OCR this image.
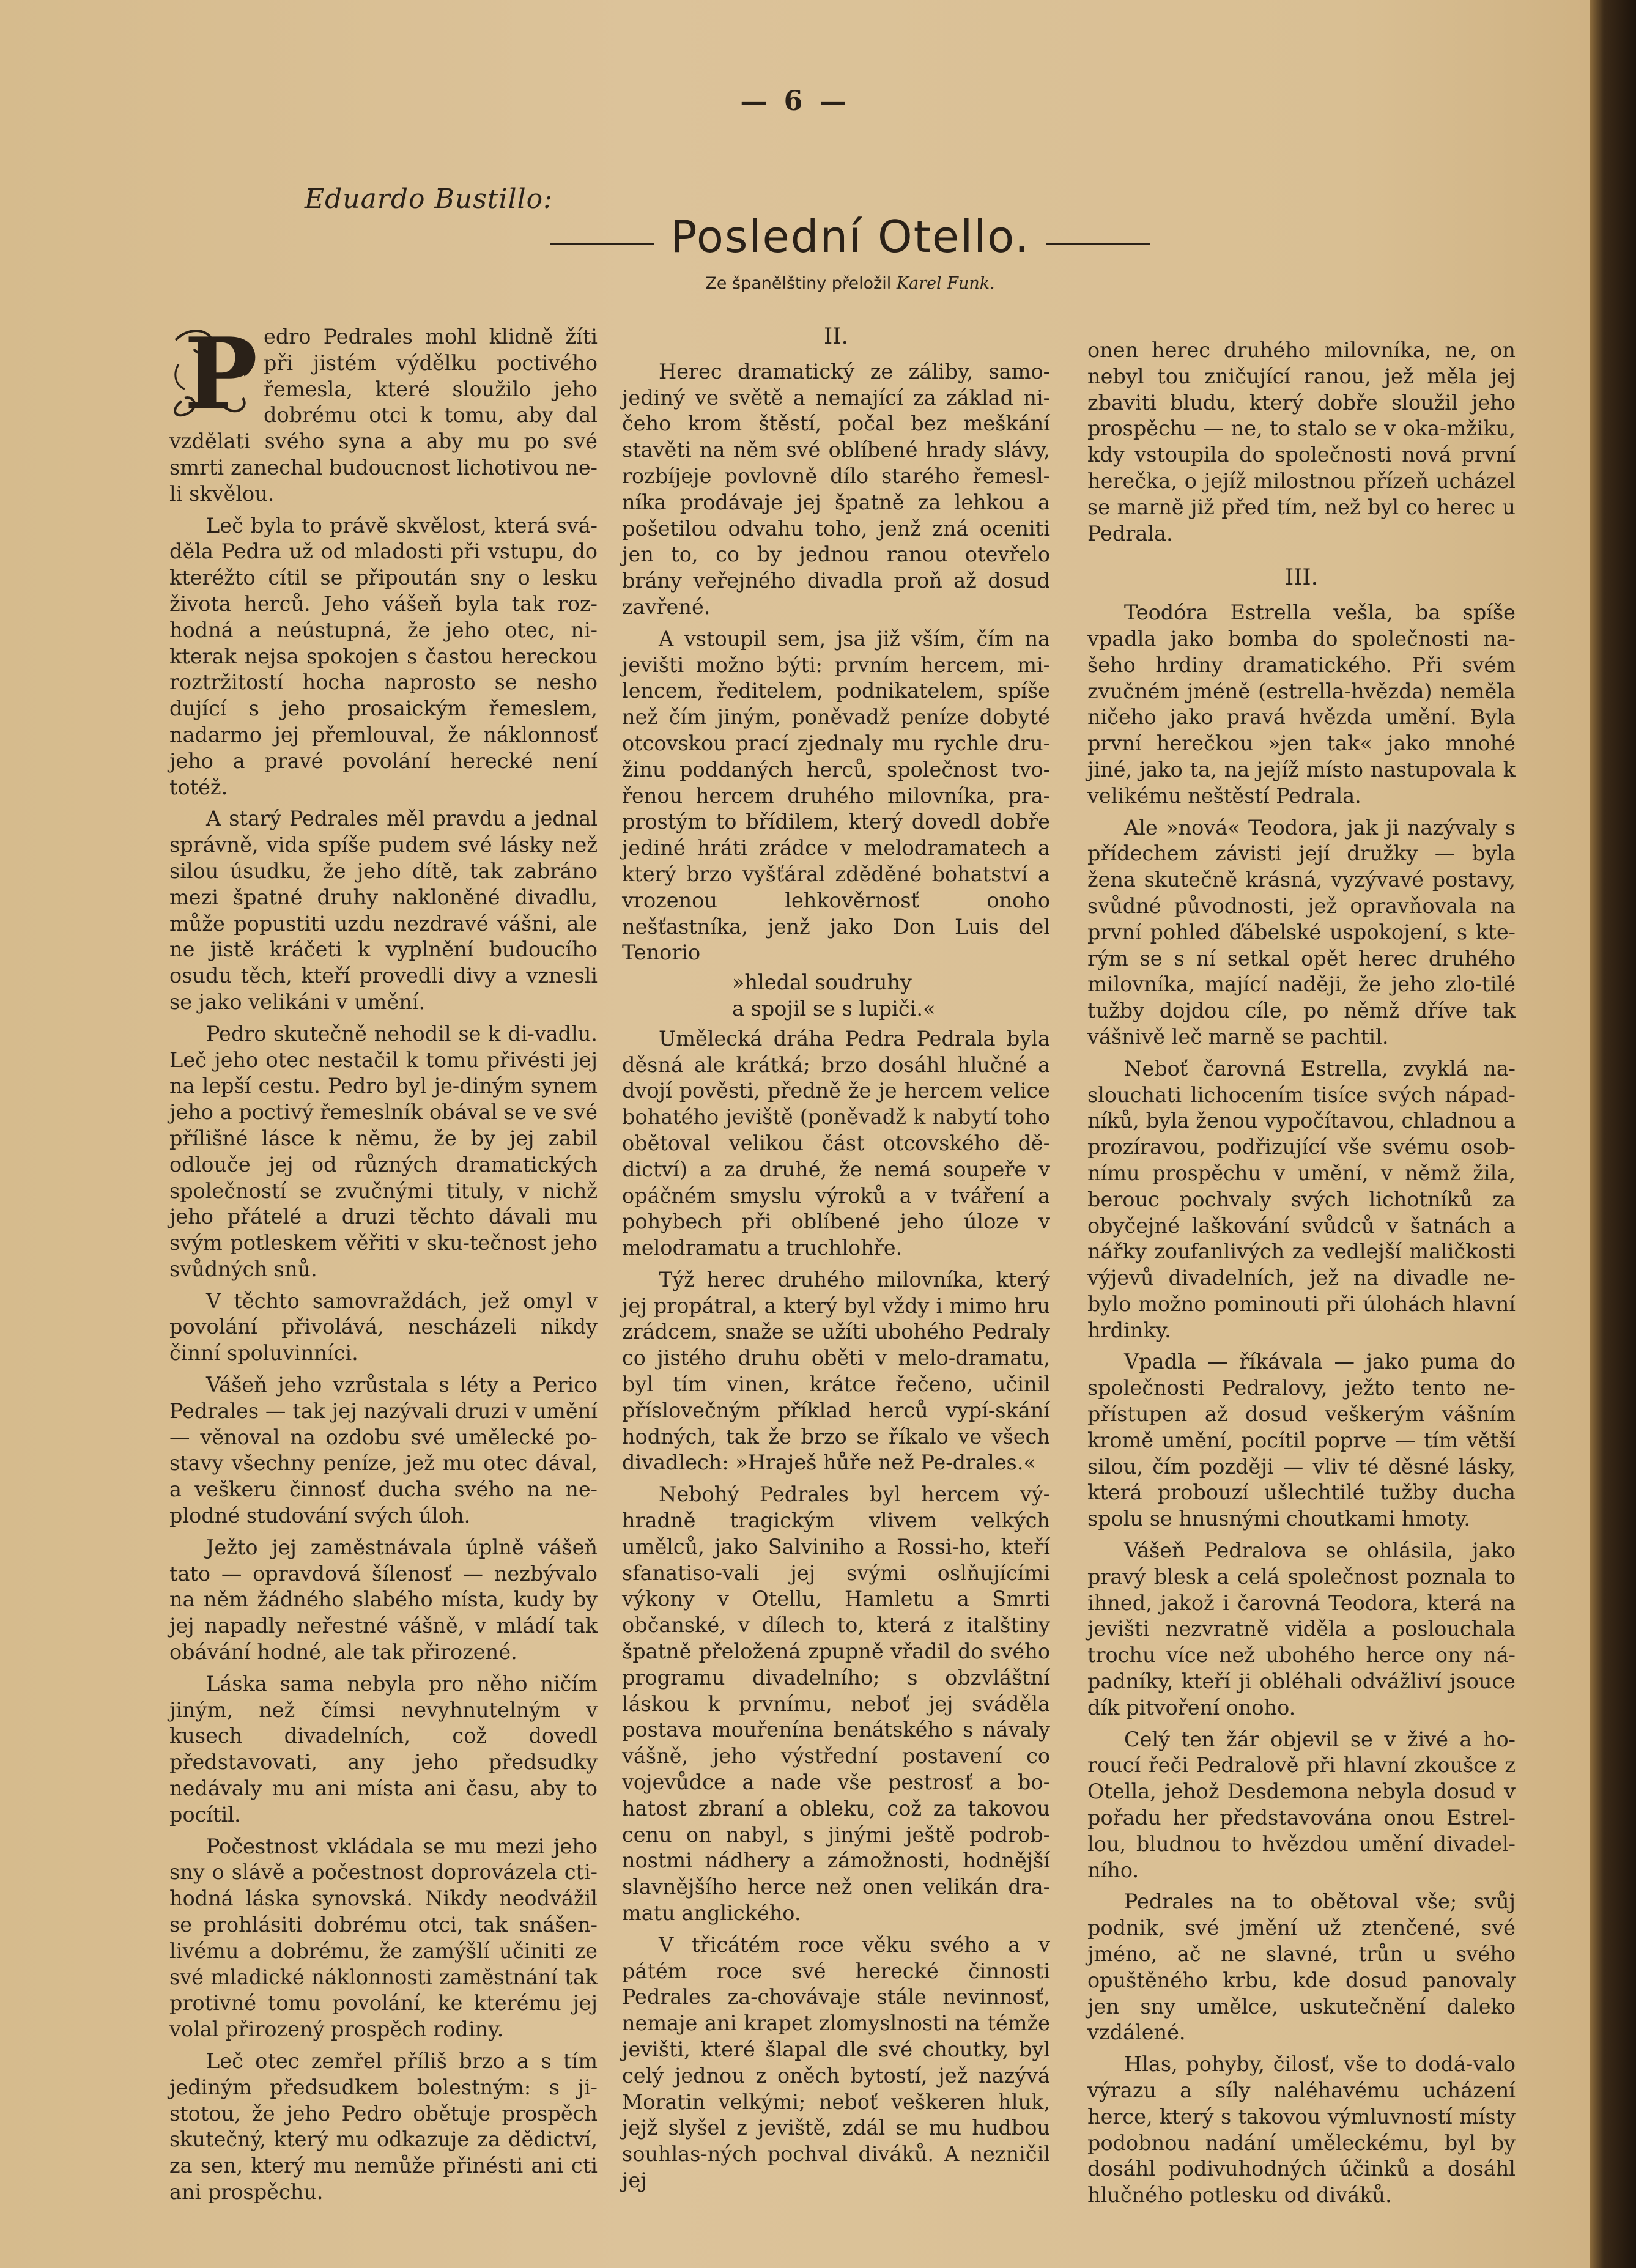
— 6 —
Eduardo Bustillo:
Poslední Otello.
Ze španělštiny přeložil Karel Funk.
P edro Pedrales mohl klidně žíti při jistém výdělku poctivého řemesla, které sloužilo jeho dobrému otci k tomu, aby dal vzdělati svého syna a aby mu po své smrti zanechal budoucnost lichotivou ne-li skvělou.

Leč byla to právě skvělost, která svá-děla Pedra už od mladosti při vstupu, do kteréžto cítil se připoután sny o lesku života herců. Jeho vášeň byla tak roz-hodná a neústupná, že jeho otec, ni-kterak nejsa spokojen s častou hereckou roztržitostí hocha naprosto se nesho dující s jeho prosaickým řemeslem, nadarmo jej přemlouval, že náklonnosť jeho a pravé povolání herecké není totéž.

A starý Pedrales měl pravdu a jednal správně, vida spíše pudem své lásky než silou úsudku, že jeho dítě, tak zabráno mezi špatné druhy nakloněné divadlu, může popustiti uzdu nezdravé vášni, ale ne jistě kráčeti k vyplnění budoucího osudu těch, kteří provedli divy a vznesli se jako velikáni v umění.

Pedro skutečně nehodil se k di-vadlu. Leč jeho otec nestačil k tomu přivésti jej na lepší cestu. Pedro byl je-diným synem jeho a poctivý řemeslník obával se ve své přílišné lásce k němu, že by jej zabil odlouče jej od různých dramatických společností se zvučnými tituly, v nichž jeho přátelé a druzi těchto dávali mu svým potleskem věřiti v sku-tečnost jeho svůdných snů.

V těchto samovraždách, jež omyl v povolání přivolává, nescházeli nikdy činní spoluvinníci.

Vášeň jeho vzrůstala s léty a Perico Pedrales — tak jej nazývali druzi v umění — věnoval na ozdobu své umělecké po-stavy všechny peníze, jež mu otec dával, a veškeru činnosť ducha svého na ne-plodné studování svých úloh.

Ježto jej zaměstnávala úplně vášeň tato — opravdová šílenosť — nezbývalo na něm žádného slabého místa, kudy by jej napadly neřestné vášně, v mládí tak obávání hodné, ale tak přirozené.

Láska sama nebyla pro něho ničím jiným, než čímsi nevyhnutelným v kusech divadelních, což dovedl představovati, any jeho předsudky nedávaly mu ani místa ani času, aby to pocítil.

Počestnost vkládala se mu mezi jeho sny o slávě a počestnost doprovázela cti-hodná láska synovská. Nikdy neodvážil se prohlásiti dobrému otci, tak snášen-livému a dobrému, že zamýšlí učiniti ze své mladické náklonnosti zaměstnání tak protivné tomu povolání, ke kterému jej volal přirozený prospěch rodiny.

Leč otec zemřel příliš brzo a s tím jediným předsudkem bolestným: s ji-stotou, že jeho Pedro obětuje prospěch skutečný, který mu odkazuje za dědictví, za sen, který mu nemůže přinésti ani cti ani prospěchu.

II.

Herec dramatický ze záliby, samo-jediný ve světě a nemající za základ ni-čeho krom štěstí, počal bez meškání stavěti na něm své oblíbené hrady slávy, rozbíjeje povlovně dílo starého řemesl-níka prodávaje jej špatně za lehkou a pošetilou odvahu toho, jenž zná oceniti jen to, co by jednou ranou otevřelo brány veřejného divadla proň až dosud zavřené.

A vstoupil sem, jsa již vším, čím na jevišti možno býti: prvním hercem, mi-lencem, ředitelem, podnikatelem, spíše než čím jiným, poněvadž peníze dobyté otcovskou prací zjednaly mu rychle dru-žinu poddaných herců, společnost tvo-řenou hercem druhého milovníka, pra-prostým to břídilem, který dovedl dobře jediné hráti zrádce v melodramatech a který brzo vyšťáral zděděné bohatství a vrozenou lehkověrnosť onoho nešťastníka, jenž jako Don Luis del Tenorio

»hledal soudruhy
a spojil se s lupiči.«

Umělecká dráha Pedra Pedrala byla děsná ale krátká; brzo dosáhl hlučné a dvojí pověsti, předně že je hercem velice bohatého jeviště (poněvadž k nabytí toho obětoval velikou část otcovského dě-dictví) a za druhé, že nemá soupeře v opáčném smyslu výroků a v tváření a pohybech při oblíbené jeho úloze v melodramatu a truchlohře.

Týž herec druhého milovníka, který jej propátral, a který byl vždy i mimo hru zrádcem, snaže se užíti ubohého Pedraly co jistého druhu oběti v melo-dramatu, byl tím vinen, krátce řečeno, učinil příslovečným příklad herců vypí-skání hodných, tak že brzo se říkalo ve všech divadlech: »Hraješ hůře než Pe-drales.«

Nebohý Pedrales byl hercem vý-hradně tragickým vlivem velkých umělců, jako Salviniho a Rossi-ho, kteří sfanatiso-vali jej svými oslňujícími výkony v Otellu, Hamletu a Smrti občanské, v dílech to, která z italštiny špatně přeložená zpupně vřadil do svého programu divadelního; s obzvláštní láskou k prvnímu, neboť jej sváděla postava mouřenína benátského s návaly vášně, jeho výstřední postavení co vojevůdce a nade vše pestrosť a bo-hatost zbraní a obleku, což za takovou cenu on nabyl, s jinými ještě podrob-nostmi nádhery a zámožnosti, hodnější slavnějšího herce než onen velikán dra-matu anglického.

V třicátém roce věku svého a v pátém roce své herecké činnosti Pedrales za-chovávaje stále nevinnosť, nemaje ani krapet zlomyslnosti na témže jevišti, které šlapal dle své choutky, byl celý jednou z oněch bytostí, jež nazývá Moratin velkými; neboť veškeren hluk, jejž slyšel z jeviště, zdál se mu hudbou souhlas-ných pochval diváků. A nezničil jej

onen herec druhého milovníka, ne, on nebyl tou zničující ranou, jež měla jej zbaviti bludu, který dobře sloužil jeho prospěchu — ne, to stalo se v oka-mžiku, kdy vstoupila do společnosti nová první herečka, o jejíž milostnou přízeň ucházel se marně již před tím, než byl co herec u Pedrala.

III.

Teodóra Estrella vešla, ba spíše vpadla jako bomba do společnosti na-šeho hrdiny dramatického. Při svém zvučném jméně (estrella-hvězda) neměla ničeho jako pravá hvězda umění. Byla první herečkou »jen tak« jako mnohé jiné, jako ta, na jejíž místo nastupovala k velikému neštěstí Pedrala.

Ale »nová« Teodora, jak ji nazývaly s přídechem závisti její družky — byla žena skutečně krásná, vyzývavé postavy, svůdné původnosti, jež opravňovala na první pohled ďábelské uspokojení, s kte-rým se s ní setkal opět herec druhého milovníka, mající naději, že jeho zlo-tilé tužby dojdou cíle, po němž dříve tak vášnivě leč marně se pachtil.

Neboť čarovná Estrella, zvyklá na-slouchati lichocením tisíce svých nápad-níků, byla ženou vypočítavou, chladnou a prozíravou, podřizující vše svému osob-nímu prospěchu v umění, v němž žila, berouc pochvaly svých lichotníků za obyčejné laškování svůdců v šatnách a nářky zoufanlivých za vedlejší maličkosti výjevů divadelních, jež na divadle ne-bylo možno pominouti při úlohách hlavní hrdinky.

Vpadla — říkávala — jako puma do společnosti Pedralovy, ježto tento ne-přístupen až dosud veškerým vášním kromě umění, pocítil poprve — tím větší silou, čím později — vliv té děsné lásky, která probouzí ušlechtilé tužby ducha spolu se hnusnými choutkami hmoty.

Vášeň Pedralova se ohlásila, jako pravý blesk a celá společnost poznala to ihned, jakož i čarovná Teodora, která na jevišti nezvratně viděla a poslouchala trochu více než ubohého herce ony ná-padníky, kteří ji obléhali odvážliví jsouce dík pitvoření onoho.

Celý ten žár objevil se v živé a ho-roucí řeči Pedralově při hlavní zkoušce z Otella, jehož Desdemona nebyla dosud v pořadu her představována onou Estrel-lou, bludnou to hvězdou umění divadel-ního.

Pedrales na to obětoval vše; svůj podnik, své jmění už ztenčené, své jméno, ač ne slavné, trůn u svého opuštěného krbu, kde dosud panovaly jen sny umělce, uskutečnění daleko vzdálené.

Hlas, pohyby, čilosť, vše to dodá-valo výrazu a síly naléhavému ucházení herce, který s takovou výmluvností místy podobnou nadání uměleckému, byl by dosáhl podivuhodných účinků a dosáhl hlučného potlesku od diváků.
